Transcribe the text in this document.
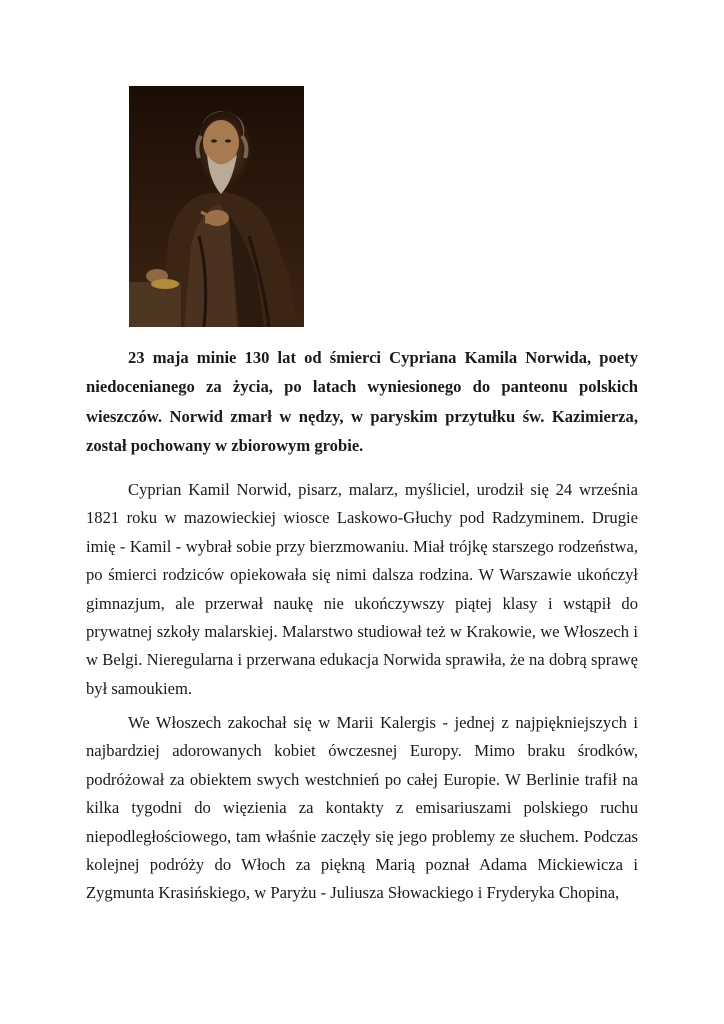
23 maja minie 130 lat od śmierci Cypriana Kamila Norwida, poety niedocenianego za życia, po latach wyniesionego do panteonu polskich wieszczów. Norwid zmarł w nędzy, w paryskim przytułku św. Kazimierza, został pochowany w zbiorowym grobie.

Cyprian Kamil Norwid, pisarz, malarz, myśliciel, urodził się 24 września 1821 roku w mazowieckiej wiosce Laskowo-Głuchy pod Radzyminem. Drugie imię - Kamil - wybrał sobie przy bierzmowaniu. Miał trójkę starszego rodzeństwa, po śmierci rodziców opiekowała się nimi dalsza rodzina. W Warszawie ukończył gimnazjum, ale przerwał naukę nie ukończywszy piątej klasy i wstąpił do prywatnej szkoły malarskiej. Malarstwo studiował też w Krakowie, we Włoszech i w Belgi. Nieregularna i przerwana edukacja Norwida sprawiła, że na dobrą sprawę był samoukiem.

We Włoszech zakochał się w Marii Kalergis - jednej z najpiękniejszych i najbardziej adorowanych kobiet ówczesnej Europy. Mimo braku środków, podróżował za obiektem swych westchnień po całej Europie. W Berlinie trafił na kilka tygodni do więzienia za kontakty z emisariuszami polskiego ruchu niepodległościowego, tam właśnie zaczęły się jego problemy ze słuchem. Podczas kolejnej podróży do Włoch za piękną Marią poznał Adama Mickiewicza i Zygmunta Krasińskiego, w Paryżu - Juliusza Słowackiego i Fryderyka Chopina,
